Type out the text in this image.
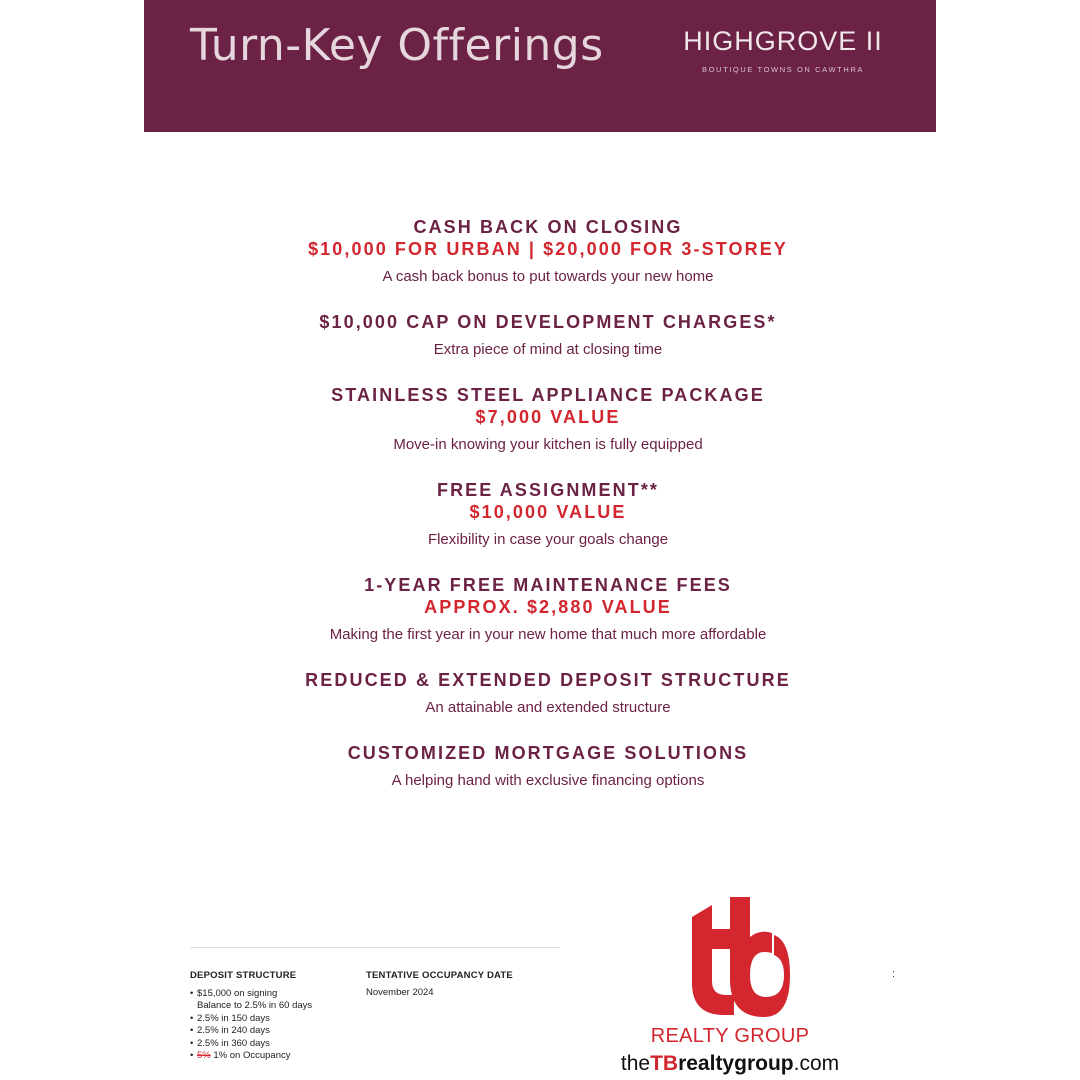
Turn-Key Offerings	HIGHGROVE II
BOUTIQUE TOWNS ON CAWTHRA
CASH BACK ON CLOSING
$10,000 FOR URBAN | $20,000 FOR 3-STOREY
A cash back bonus to put towards your new home
$10,000 CAP ON DEVELOPMENT CHARGES*
Extra piece of mind at closing time
STAINLESS STEEL APPLIANCE PACKAGE
$7,000 VALUE
Move-in knowing your kitchen is fully equipped
FREE ASSIGNMENT**
$10,000 VALUE
Flexibility in case your goals change
1-YEAR FREE MAINTENANCE FEES
APPROX. $2,880 VALUE
Making the first year in your new home that much more affordable
REDUCED & EXTENDED DEPOSIT STRUCTURE
An attainable and extended structure
CUSTOMIZED MORTGAGE SOLUTIONS
A helping hand with exclusive financing options
:
DEPOSIT STRUCTURE
• $15,000 on signing
Balance to 2.5% in 60 days
• 2.5% in 150 days
• 2.5% in 240 days
• 2.5% in 360 days
• 5% 1% on Occupancy
TENTATIVE OCCUPANCY DATE
November 2024
REALTY GROUP
theTBrealtygroup.com
